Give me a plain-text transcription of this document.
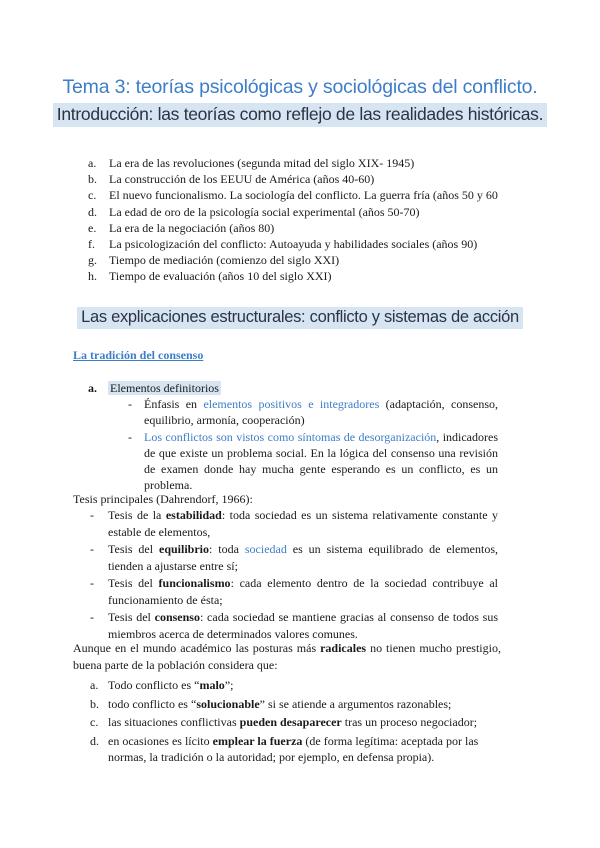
Tema 3: teorías psicológicas y sociológicas del conflicto.
Introducción: las teorías como reflejo de las realidades históricas.
a. La era de las revoluciones (segunda mitad del siglo XIX- 1945)
b. La construcción de los EEUU de América (años 40-60)
c. El nuevo funcionalismo. La sociología del conflicto. La guerra fría (años 50 y 60
d. La edad de oro de la psicología social experimental (años 50-70)
e. La era de la negociación (años 80)
f. La psicologización del conflicto: Autoayuda y habilidades sociales (años 90)
g. Tiempo de mediación (comienzo del siglo XXI)
h. Tiempo de evaluación (años 10 del siglo XXI)
Las explicaciones estructurales: conflicto y sistemas de acción
La tradición del consenso
a. Elementos definitorios
- Énfasis en elementos positivos e integradores (adaptación, consenso, equilibrio, armonía, cooperación)
- Los conflictos son vistos como síntomas de desorganización, indicadores de que existe un problema social. En la lógica del consenso una revisión de examen donde hay mucha gente esperando es un conflicto, es un problema.
Tesis principales (Dahrendorf, 1966):
- Tesis de la estabilidad: toda sociedad es un sistema relativamente constante y estable de elementos,
- Tesis del equilibrio: toda sociedad es un sistema equilibrado de elementos, tienden a ajustarse entre sí;
- Tesis del funcionalismo: cada elemento dentro de la sociedad contribuye al funcionamiento de ésta;
- Tesis del consenso: cada sociedad se mantiene gracias al consenso de todos sus miembros acerca de determinados valores comunes.
Aunque en el mundo académico las posturas más radicales no tienen mucho prestigio, buena parte de la población considera que:
a. Todo conflicto es “malo”;
b. todo conflicto es “solucionable” si se atiende a argumentos razonables;
c. las situaciones conflictivas pueden desaparecer tras un proceso negociador;
d. en ocasiones es lícito emplear la fuerza (de forma legítima: aceptada por las normas, la tradición o la autoridad; por ejemplo, en defensa propia).
